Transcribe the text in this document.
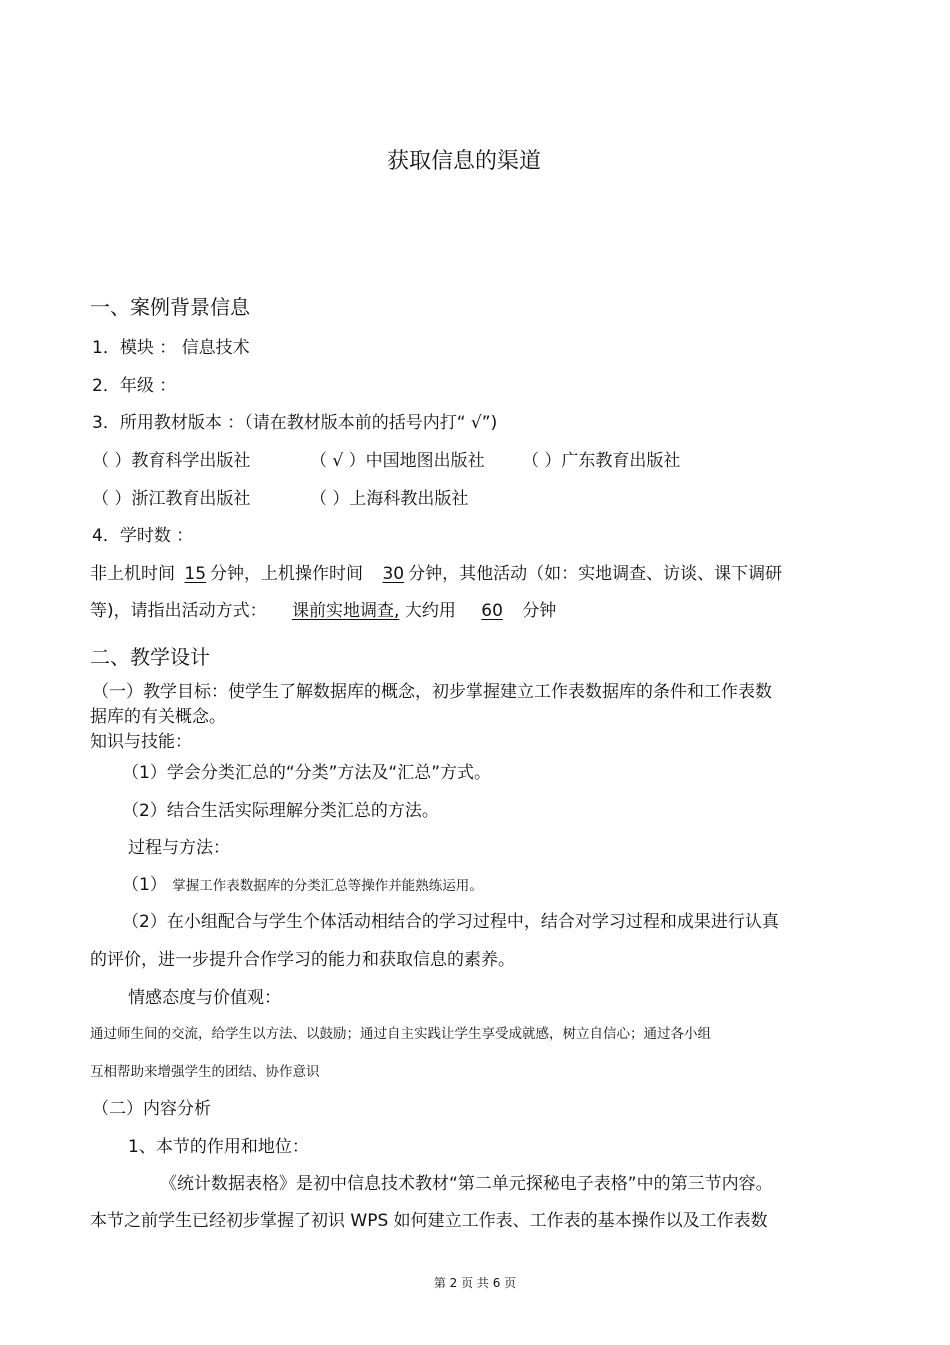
获取信息的渠道
一、案例背景信息
1．模块 ： 信息技术
2．年级 ：
3．所用教材版本 ：（请在教材版本前的括号内打“ √”)
（ ）教育科学出版社	（ √ ）中国地图出版社 （ ）广东教育出版社
（ ）浙江教育出版社	（ ）上海科教出版社
4．学时数 ：
非上机时间 15 分钟，上机操作时间 30 分钟，其他活动（如：实地调查、访谈、课下调研
等)，请指出活动方式： 课前实地调查, 大约用 60 分钟
二、教学设计
（一）教学目标：使学生了解数据库的概念，初步掌握建立工作表数据库的条件和工作表数
据库的有关概念。
知识与技能：
（1）学会分类汇总的“分类”方法及“汇总”方式。
（2）结合生活实际理解分类汇总的方法。
过程与方法：
（1） 掌握工作表数据库的分类汇总等操作并能熟练运用。
（2）在小组配合与学生个体活动相结合的学习过程中，结合对学习过程和成果进行认真
的评价，进一步提升合作学习的能力和获取信息的素养。
情感态度与价值观：
通过师生间的交流，给学生以方法、以鼓励；通过自主实践让学生享受成就感，树立自信心；通过各小组
互相帮助来增强学生的团结、协作意识
（二）内容分析
1、本节的作用和地位：
《统计数据表格》是初中信息技术教材“第二单元探秘电子表格”中的第三节内容。
本节之前学生已经初步掌握了初识 WPS 如何建立工作表、工作表的基本操作以及工作表数
第 2 页 共 6 页
